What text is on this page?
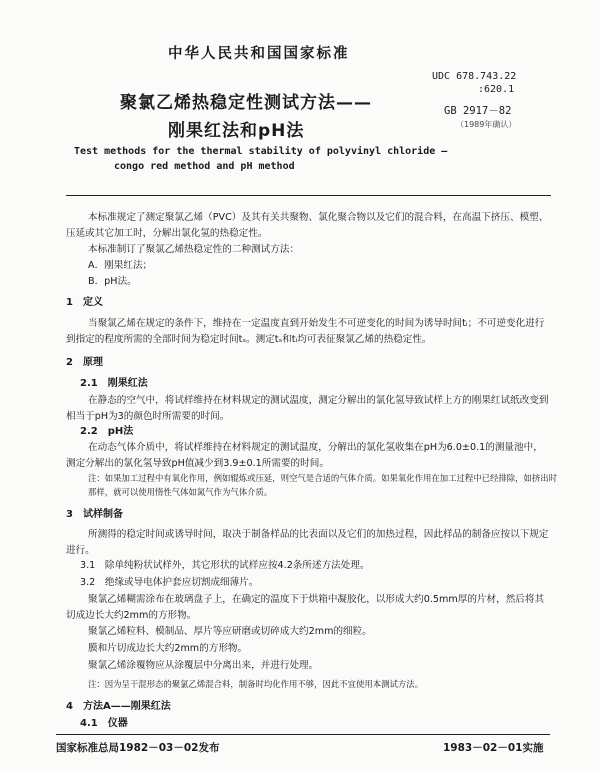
中华人民共和国国家标准
聚氯乙烯热稳定性测试方法——
刚果红法和pH法
UDC 678.743.22
:620.1
GB 2917－82
（1989年确认）
Test methods for the thermal stability of polyvinyl chloride —
congo red method and pH method
本标准规定了测定聚氯乙烯（PVC）及其有关共聚物、氯化聚合物以及它们的混合料，在高温下挤压、模塑、压延或其它加工时，分解出氯化氢的热稳定性。
本标准制订了聚氯乙烯热稳定性的二种测试方法：
A．刚果红法；
B．pH法。
1　定义
当聚氯乙烯在规定的条件下，维持在一定温度直到开始发生不可逆变化的时间为诱导时间tᵢ；不可逆变化进行到指定的程度所需的全部时间为稳定时间tₛ。测定tₛ和tᵢ均可表征聚氯乙烯的热稳定性。
2　原理
2.1　刚果红法
在静态的空气中，将试样维持在材料规定的测试温度，测定分解出的氯化氢导致试样上方的刚果红试纸改变到相当于pH为3的颜色时所需要的时间。
2.2　pH法
在动态气体介质中，将试样维持在材料规定的测试温度，分解出的氯化氢收集在pH为6.0±0.1的测量池中，测定分解出的氯化氢导致pH值减少到3.9±0.1所需要的时间。
注：如果加工过程中有氧化作用，例如辊炼或压延，则空气是合适的气体介质。如果氧化作用在加工过程中已经排除，如挤出时那样，就可以使用惰性气体如氮气作为气体介质。
3　试样制备
所测得的稳定时间或诱导时间，取决于制备样品的比表面以及它们的加热过程，因此样品的制备应按以下规定进行。
3.1　除单纯粉状试样外，其它形状的试样应按4.2条所述方法处理。
3.2　绝缘或导电体护套应切割成细薄片。
聚氯乙烯糊需涂布在玻璃盘子上，在确定的温度下于烘箱中凝胶化，以形成大约0.5mm厚的片材，然后将其切成边长大约2mm的方形物。
聚氯乙烯粒料、模制品、厚片等应研磨或切碎成大约2mm的细粒。
膜和片切成边长大约2mm的方形物。
聚氯乙烯涂覆物应从涂覆层中分离出来，并进行处理。
注：因为呈干混形态的聚氯乙烯混合料，制备时均化作用不够，因此不宜使用本测试方法。
4　方法A——刚果红法
4.1　仪器
国家标准总局1982－03－02发布	1983－02－01实施
